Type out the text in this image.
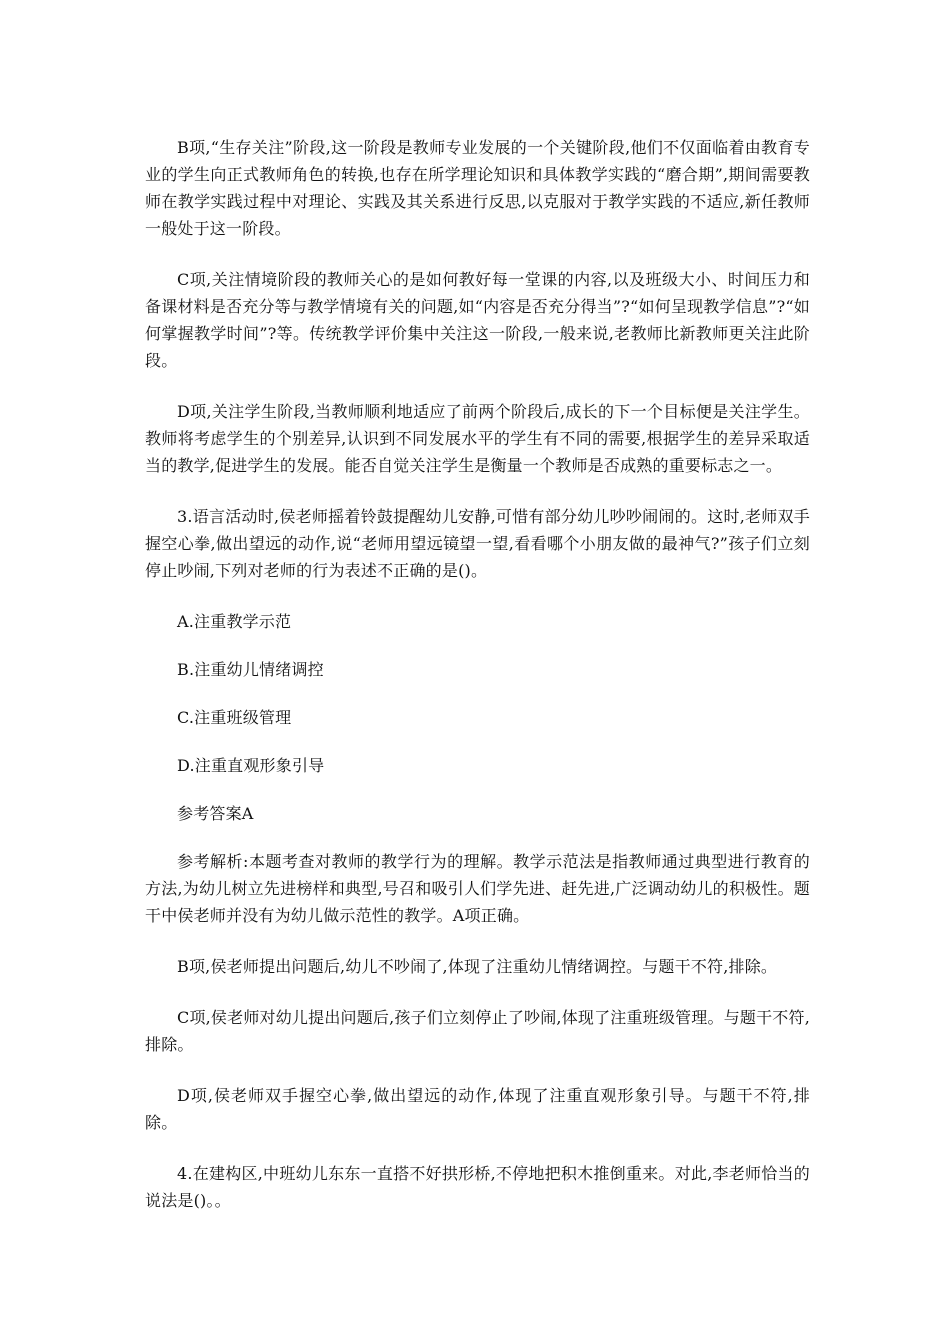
B项,“生存关注”阶段,这一阶段是教师专业发展的一个关键阶段,他们不仅面临着由教育专业的学生向正式教师角色的转换,也存在所学理论知识和具体教学实践的“磨合期”,期间需要教师在教学实践过程中对理论、实践及其关系进行反思,以克服对于教学实践的不适应,新任教师一般处于这一阶段。

C项,关注情境阶段的教师关心的是如何教好每一堂课的内容,以及班级大小、时间压力和备课材料是否充分等与教学情境有关的问题,如“内容是否充分得当”?“如何呈现教学信息”?“如何掌握教学时间”?等。传统教学评价集中关注这一阶段,一般来说,老教师比新教师更关注此阶段。

D项,关注学生阶段,当教师顺利地适应了前两个阶段后,成长的下一个目标便是关注学生。教师将考虑学生的个别差异,认识到不同发展水平的学生有不同的需要,根据学生的差异采取适当的教学,促进学生的发展。能否自觉关注学生是衡量一个教师是否成熟的重要标志之一。

3.语言活动时,侯老师摇着铃鼓提醒幼儿安静,可惜有部分幼儿吵吵闹闹的。这时,老师双手握空心拳,做出望远的动作,说“老师用望远镜望一望,看看哪个小朋友做的最神气?”孩子们立刻停止吵闹,下列对老师的行为表述不正确的是()。

A.注重教学示范

B.注重幼儿情绪调控

C.注重班级管理

D.注重直观形象引导

参考答案A

参考解析:本题考查对教师的教学行为的理解。教学示范法是指教师通过典型进行教育的方法,为幼儿树立先进榜样和典型,号召和吸引人们学先进、赶先进,广泛调动幼儿的积极性。题干中侯老师并没有为幼儿做示范性的教学。A项正确。

B项,侯老师提出问题后,幼儿不吵闹了,体现了注重幼儿情绪调控。与题干不符,排除。

C项,侯老师对幼儿提出问题后,孩子们立刻停止了吵闹,体现了注重班级管理。与题干不符,排除。

D项,侯老师双手握空心拳,做出望远的动作,体现了注重直观形象引导。与题干不符,排除。

4.在建构区,中班幼儿东东一直搭不好拱形桥,不停地把积木推倒重来。对此,李老师恰当的说法是()。。
